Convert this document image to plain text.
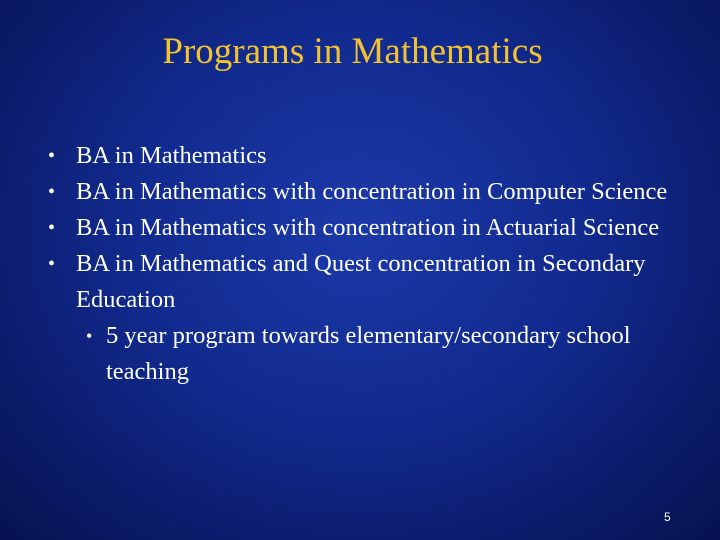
Programs in Mathematics
• BA in Mathematics
• BA in Mathematics with concentration in Computer Science
• BA in Mathematics with concentration in Actuarial Science
• BA in Mathematics and Quest concentration in Secondary Education
• 5 year program towards elementary/secondary school teaching
5
